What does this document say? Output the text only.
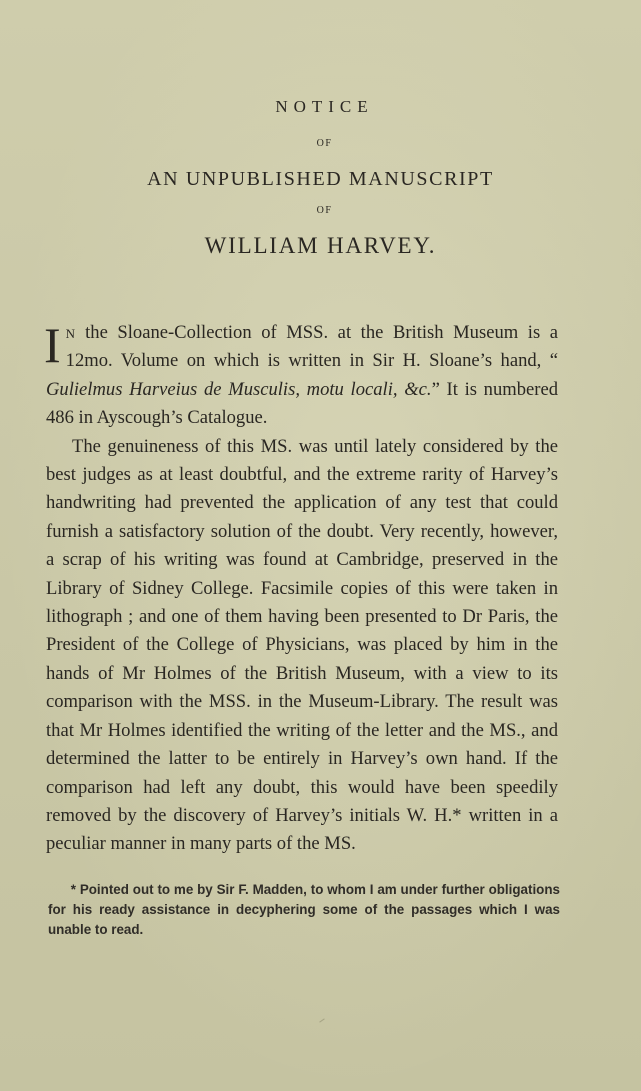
NOTICE
OF
AN UNPUBLISHED MANUSCRIPT
OF
WILLIAM HARVEY.

In the Sloane-Collection of MSS. at the British Museum is a 12mo. Volume on which is written in Sir H. Sloane’s hand, “ Gulielmus Harveius de Musculis, motu locali, &c.” It is numbered 486 in Ayscough’s Catalogue.

The genuineness of this MS. was until lately considered by the best judges as at least doubtful, and the extreme rarity of Harvey’s handwriting had prevented the application of any test that could furnish a satisfactory solution of the doubt. Very recently, however, a scrap of his writing was found at Cambridge, preserved in the Library of Sidney College. Facsimile copies of this were taken in lithograph ; and one of them having been presented to Dr Paris, the President of the College of Physicians, was placed by him in the hands of Mr Holmes of the British Museum, with a view to its comparison with the MSS. in the Museum-Library. The result was that Mr Holmes identified the writing of the letter and the MS., and determined the latter to be entirely in Harvey’s own hand. If the comparison had left any doubt, this would have been speedily removed by the discovery of Harvey’s initials W. H.* written in a peculiar manner in many parts of the MS.

* Pointed out to me by Sir F. Madden, to whom I am under further obligations for his ready assistance in decyphering some of the passages which I was unable to read.
